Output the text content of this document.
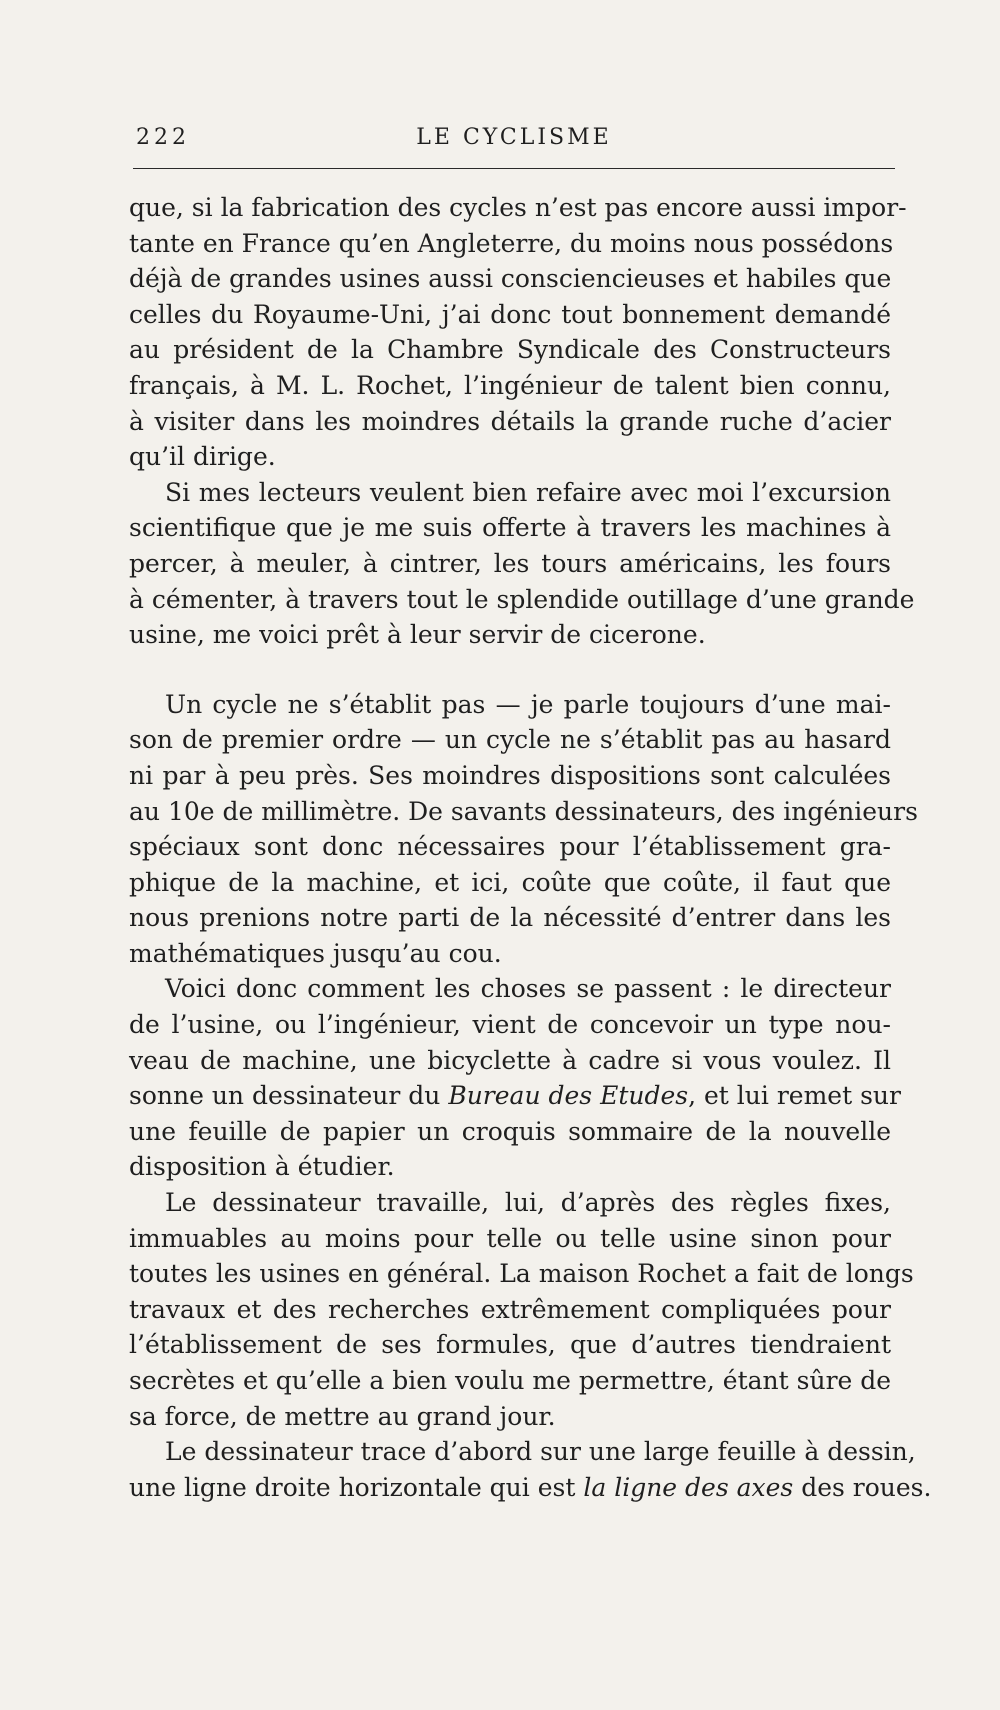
222	LE CYCLISME
que, si la fabrication des cycles n’est pas encore aussi impor-
tante en France qu’en Angleterre, du moins nous possédons
déjà de grandes usines aussi consciencieuses et habiles que
celles du Royaume-Uni, j’ai donc tout bonnement demandé
au président de la Chambre Syndicale des Constructeurs
français, à M. L. Rochet, l’ingénieur de talent bien connu,
à visiter dans les moindres détails la grande ruche d’acier
qu’il dirige.
Si mes lecteurs veulent bien refaire avec moi l’excursion
scientifique que je me suis offerte à travers les machines à
percer, à meuler, à cintrer, les tours américains, les fours
à cémenter, à travers tout le splendide outillage d’une grande
usine, me voici prêt à leur servir de cicerone.
Un cycle ne s’établit pas — je parle toujours d’une mai-
son de premier ordre — un cycle ne s’établit pas au hasard
ni par à peu près. Ses moindres dispositions sont calculées
au 10e de millimètre. De savants dessinateurs, des ingénieurs
spéciaux sont donc nécessaires pour l’établissement gra-
phique de la machine, et ici, coûte que coûte, il faut que
nous prenions notre parti de la nécessité d’entrer dans les
mathématiques jusqu’au cou.
Voici donc comment les choses se passent : le directeur
de l’usine, ou l’ingénieur, vient de concevoir un type nou-
veau de machine, une bicyclette à cadre si vous voulez. Il
sonne un dessinateur du Bureau des Etudes, et lui remet sur
une feuille de papier un croquis sommaire de la nouvelle
disposition à étudier.
Le dessinateur travaille, lui, d’après des règles fixes,
immuables au moins pour telle ou telle usine sinon pour
toutes les usines en général. La maison Rochet a fait de longs
travaux et des recherches extrêmement compliquées pour
l’établissement de ses formules, que d’autres tiendraient
secrètes et qu’elle a bien voulu me permettre, étant sûre de
sa force, de mettre au grand jour.
Le dessinateur trace d’abord sur une large feuille à dessin,
une ligne droite horizontale qui est la ligne des axes des roues.
